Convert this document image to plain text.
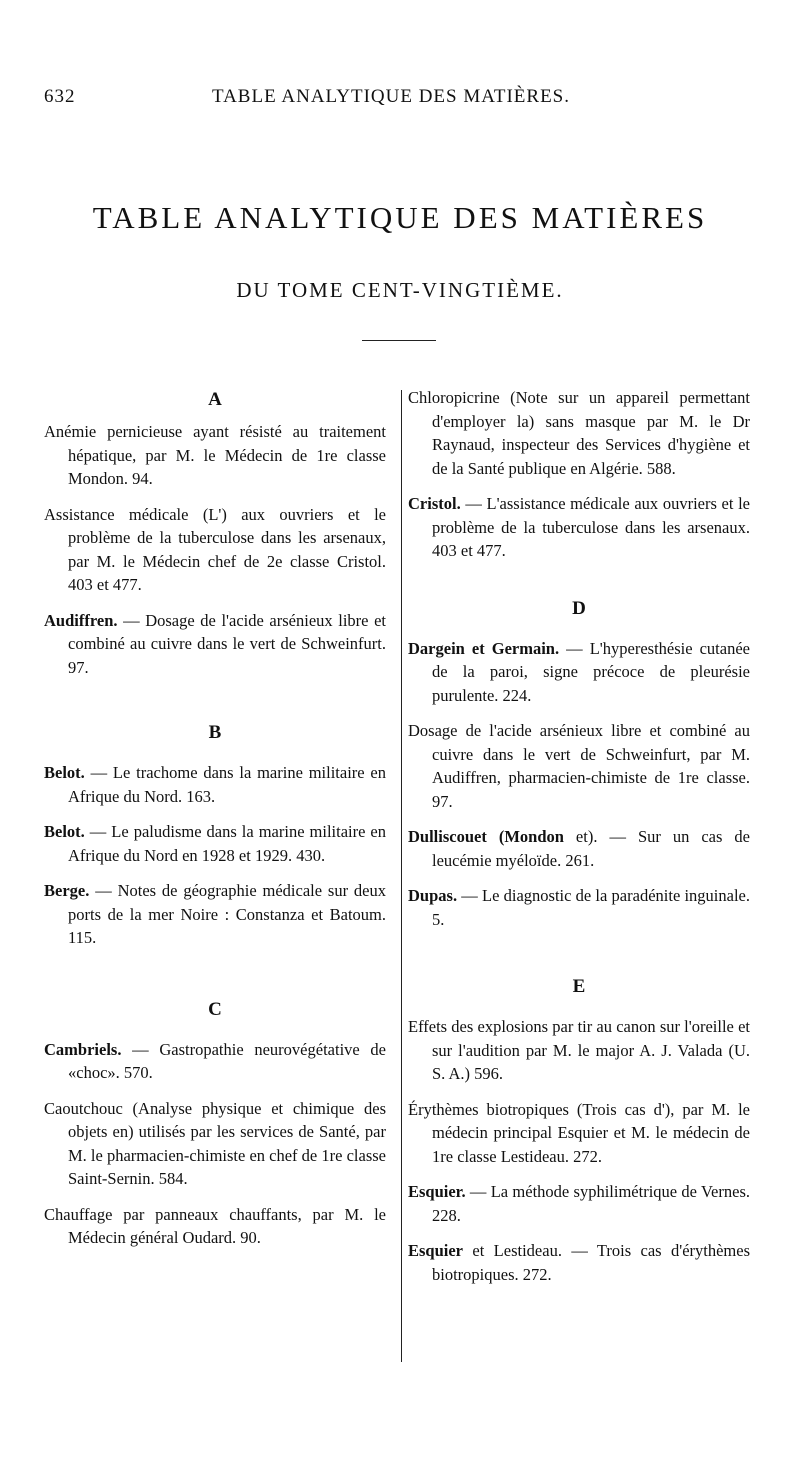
632	TABLE ANALYTIQUE DES MATIÈRES.
TABLE ANALYTIQUE DES MATIÈRES
DU TOME CENT-VINGTIÈME.
A

Anémie pernicieuse ayant résisté au traitement hépatique, par M. le Médecin de 1re classe Mondon. 94.

Assistance médicale (L') aux ouvriers et le problème de la tuberculose dans les arsenaux, par M. le Médecin chef de 2e classe Cristol. 403 et 477.

Audiffren. — Dosage de l'acide arsénieux libre et combiné au cuivre dans le vert de Schweinfurt. 97.

B

Belot. — Le trachome dans la marine militaire en Afrique du Nord. 163.

Belot. — Le paludisme dans la marine militaire en Afrique du Nord en 1928 et 1929. 430.

Berge. — Notes de géographie médicale sur deux ports de la mer Noire : Constanza et Batoum. 115.

C

Cambriels. — Gastropathie neurovégétative de «choc». 570.

Caoutchouc (Analyse physique et chimique des objets en) utilisés par les services de Santé, par M. le pharmacien-chimiste en chef de 1re classe Saint-Sernin. 584.

Chauffage par panneaux chauffants, par M. le Médecin général Oudard. 90.

Chloropicrine (Note sur un appareil permettant d'employer la) sans masque par M. le Dr Raynaud, inspecteur des Services d'hygiène et de la Santé publique en Algérie. 588.

Cristol. — L'assistance médicale aux ouvriers et le problème de la tuberculose dans les arsenaux. 403 et 477.

D

Dargein et Germain. — L'hyperesthésie cutanée de la paroi, signe précoce de pleurésie purulente. 224.

Dosage de l'acide arsénieux libre et combiné au cuivre dans le vert de Schweinfurt, par M. Audiffren, pharmacien-chimiste de 1re classe. 97.

Dulliscouet (Mondon et). — Sur un cas de leucémie myéloïde. 261.

Dupas. — Le diagnostic de la paradénite inguinale. 5.

E

Effets des explosions par tir au canon sur l'oreille et sur l'audition par M. le major A. J. Valada (U. S. A.) 596.

Érythèmes biotropiques (Trois cas d'), par M. le médecin principal Esquier et M. le médecin de 1re classe Lestideau. 272.

Esquier. — La méthode syphilimétrique de Vernes. 228.

Esquier et Lestideau. — Trois cas d'érythèmes biotropiques. 272.
